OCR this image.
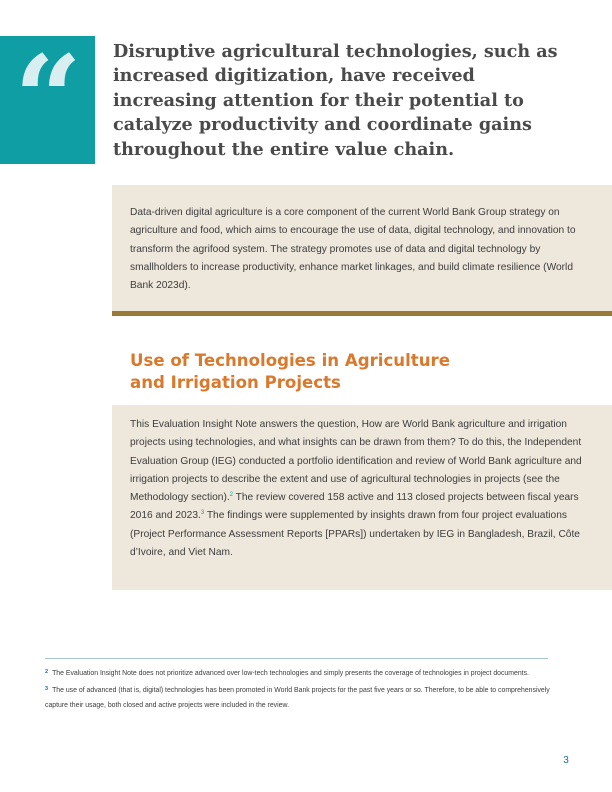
“	Disruptive agricultural technologies, such as increased digitization, have received increasing attention for their potential to catalyze productivity and coordinate gains throughout the entire value chain.

Data-driven digital agriculture is a core component of the current World Bank Group strategy on agriculture and food, which aims to encourage the use of data, digital technology, and innovation to transform the agrifood system. The strategy promotes use of data and digital technology by smallholders to increase productivity, enhance market linkages, and build climate resilience (World Bank 2023d).

Use of Technologies in Agriculture
and Irrigation Projects

This Evaluation Insight Note answers the question, How are World Bank agriculture and irrigation projects using technologies, and what insights can be drawn from them? To do this, the Independent Evaluation Group (IEG) conducted a portfolio identification and review of World Bank agriculture and irrigation projects to describe the extent and use of agricultural technologies in projects (see the Methodology section).$^2$ The review covered 158 active and 113 closed projects between fiscal years 2016 and 2023.$^3$ The findings were supplemented by insights drawn from four project evaluations (Project Performance Assessment Reports [PPARs]) undertaken by IEG in Bangladesh, Brazil, Côte d’Ivoire, and Viet Nam.

$^2$ The Evaluation Insight Note does not prioritize advanced over low-tech technologies and simply presents the coverage of technologies in project documents.

$^3$ The use of advanced (that is, digital) technologies has been promoted in World Bank projects for the past five years or so. Therefore, to be able to comprehensively capture their usage, both closed and active projects were included in the review.

3
